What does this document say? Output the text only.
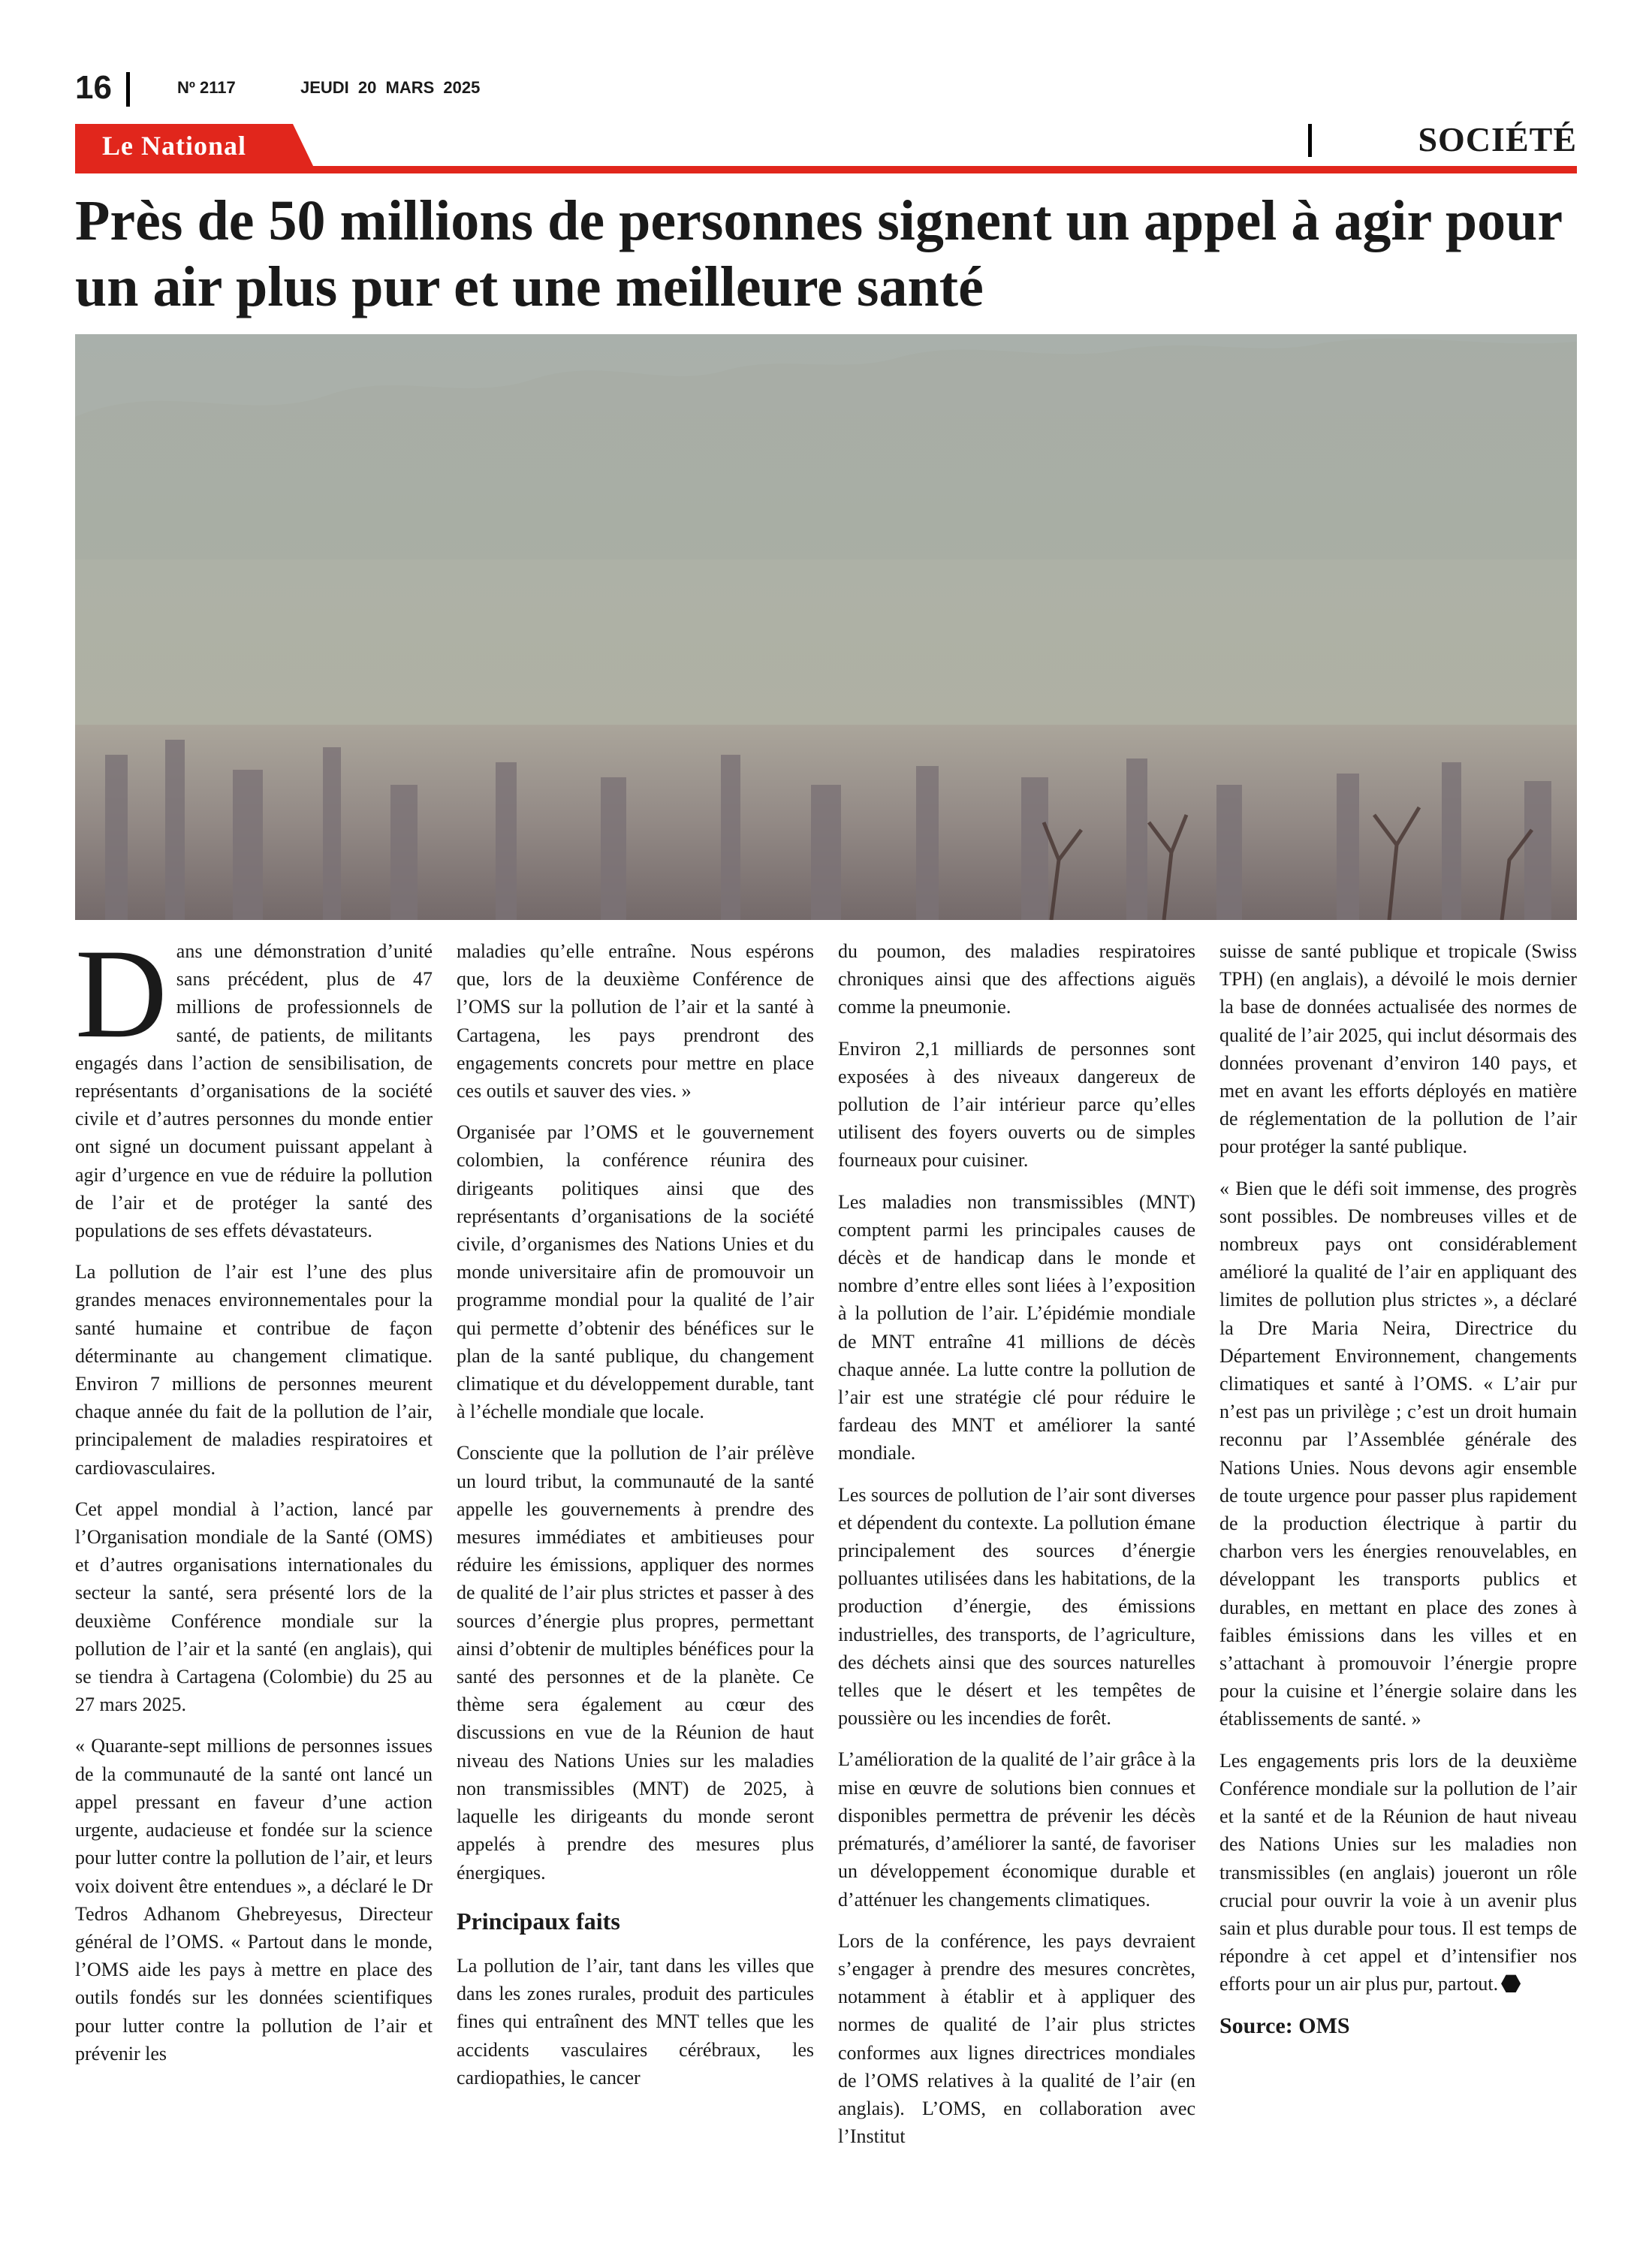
16	Nº 2117	JEUDI 20 MARS 2025
Le National	SOCIÉTÉ
Près de 50 millions de personnes signent un appel à agir pour un air plus pur et une meilleure santé

Dans une démonstration d’unité sans précédent, plus de 47 millions de professionnels de santé, de patients, de militants engagés dans l’action de sensibilisation, de représentants d’organisations de la société civile et d’autres personnes du monde entier ont signé un document puissant appelant à agir d’urgence en vue de réduire la pollution de l’air et de protéger la santé des populations de ses effets dévastateurs.

La pollution de l’air est l’une des plus grandes menaces environnementales pour la santé humaine et contribue de façon déterminante au changement climatique. Environ 7 millions de personnes meurent chaque année du fait de la pollution de l’air, principalement de maladies respiratoires et cardiovasculaires.

Cet appel mondial à l’action, lancé par l’Organisation mondiale de la Santé (OMS) et d’autres organisations internationales du secteur la santé, sera présenté lors de la deuxième Conférence mondiale sur la pollution de l’air et la santé (en anglais), qui se tiendra à Cartagena (Colombie) du 25 au 27 mars 2025.

« Quarante-sept millions de personnes issues de la communauté de la santé ont lancé un appel pressant en faveur d’une action urgente, audacieuse et fondée sur la science pour lutter contre la pollution de l’air, et leurs voix doivent être entendues », a déclaré le Dr Tedros Adhanom Ghebreyesus, Directeur général de l’OMS. « Partout dans le monde, l’OMS aide les pays à mettre en place des outils fondés sur les données scientifiques pour lutter contre la pollution de l’air et prévenir les

maladies qu’elle entraîne. Nous espérons que, lors de la deuxième Conférence de l’OMS sur la pollution de l’air et la santé à Cartagena, les pays prendront des engagements concrets pour mettre en place ces outils et sauver des vies. »

Organisée par l’OMS et le gouvernement colombien, la conférence réunira des dirigeants politiques ainsi que des représentants d’organisations de la société civile, d’organismes des Nations Unies et du monde universitaire afin de promouvoir un programme mondial pour la qualité de l’air qui permette d’obtenir des bénéfices sur le plan de la santé publique, du changement climatique et du développement durable, tant à l’échelle mondiale que locale.

Consciente que la pollution de l’air prélève un lourd tribut, la communauté de la santé appelle les gouvernements à prendre des mesures immédiates et ambitieuses pour réduire les émissions, appliquer des normes de qualité de l’air plus strictes et passer à des sources d’énergie plus propres, permettant ainsi d’obtenir de multiples bénéfices pour la santé des personnes et de la planète. Ce thème sera également au cœur des discussions en vue de la Réunion de haut niveau des Nations Unies sur les maladies non transmissibles (MNT) de 2025, à laquelle les dirigeants du monde seront appelés à prendre des mesures plus énergiques.

Principaux faits

La pollution de l’air, tant dans les villes que dans les zones rurales, produit des particules fines qui entraînent des MNT telles que les accidents vasculaires cérébraux, les cardiopathies, le cancer

du poumon, des maladies respiratoires chroniques ainsi que des affections aiguës comme la pneumonie.

Environ 2,1 milliards de personnes sont exposées à des niveaux dangereux de pollution de l’air intérieur parce qu’elles utilisent des foyers ouverts ou de simples fourneaux pour cuisiner.

Les maladies non transmissibles (MNT) comptent parmi les principales causes de décès et de handicap dans le monde et nombre d’entre elles sont liées à l’exposition à la pollution de l’air. L’épidémie mondiale de MNT entraîne 41 millions de décès chaque année. La lutte contre la pollution de l’air est une stratégie clé pour réduire le fardeau des MNT et améliorer la santé mondiale.

Les sources de pollution de l’air sont diverses et dépendent du contexte. La pollution émane principalement des sources d’énergie polluantes utilisées dans les habitations, de la production d’énergie, des émissions industrielles, des transports, de l’agriculture, des déchets ainsi que des sources naturelles telles que le désert et les tempêtes de poussière ou les incendies de forêt.

L’amélioration de la qualité de l’air grâce à la mise en œuvre de solutions bien connues et disponibles permettra de prévenir les décès prématurés, d’améliorer la santé, de favoriser un développement économique durable et d’atténuer les changements climatiques.

Lors de la conférence, les pays devraient s’engager à prendre des mesures concrètes, notamment à établir et à appliquer des normes de qualité de l’air plus strictes conformes aux lignes directrices mondiales de l’OMS relatives à la qualité de l’air (en anglais). L’OMS, en collaboration avec l’Institut

suisse de santé publique et tropicale (Swiss TPH) (en anglais), a dévoilé le mois dernier la base de données actualisée des normes de qualité de l’air 2025, qui inclut désormais des données provenant d’environ 140 pays, et met en avant les efforts déployés en matière de réglementation de la pollution de l’air pour protéger la santé publique.

« Bien que le défi soit immense, des progrès sont possibles. De nombreuses villes et de nombreux pays ont considérablement amélioré la qualité de l’air en appliquant des limites de pollution plus strictes », a déclaré la Dre Maria Neira, Directrice du Département Environnement, changements climatiques et santé à l’OMS. « L’air pur n’est pas un privilège ; c’est un droit humain reconnu par l’Assemblée générale des Nations Unies. Nous devons agir ensemble de toute urgence pour passer plus rapidement de la production électrique à partir du charbon vers les énergies renouvelables, en développant les transports publics et durables, en mettant en place des zones à faibles émissions dans les villes et en s’attachant à promouvoir l’énergie propre pour la cuisine et l’énergie solaire dans les établissements de santé. »

Les engagements pris lors de la deuxième Conférence mondiale sur la pollution de l’air et la santé et de la Réunion de haut niveau des Nations Unies sur les maladies non transmissibles (en anglais) joueront un rôle crucial pour ouvrir la voie à un avenir plus sain et plus durable pour tous. Il est temps de répondre à cet appel et d’intensifier nos efforts pour un air plus pur, partout.

Source: OMS
